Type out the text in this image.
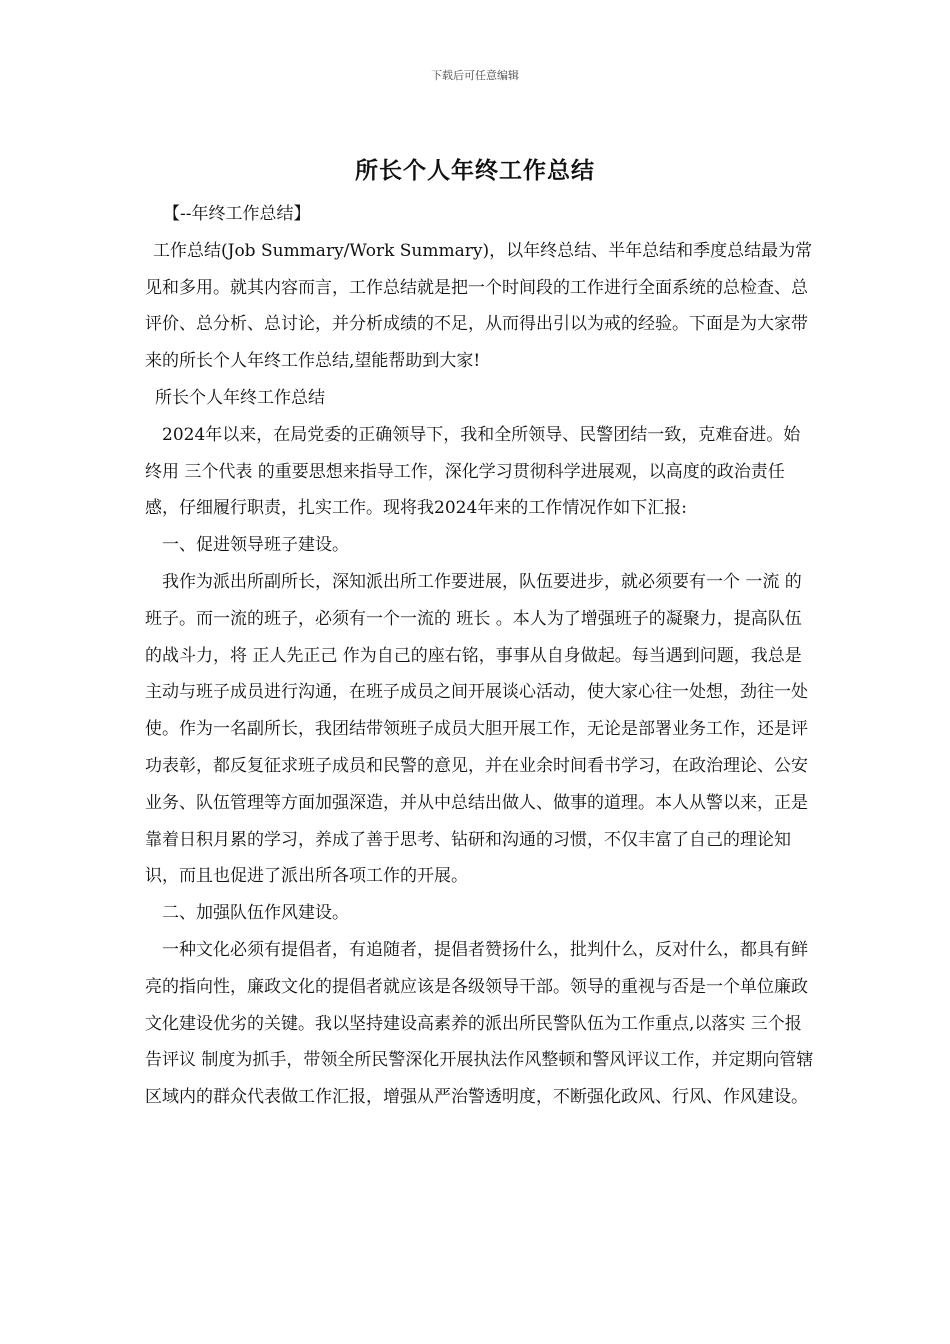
下载后可任意编辑
所长个人年终工作总结

【--年终工作总结】

工作总结(Job Summary/Work Summary)，以年终总结、半年总结和季度总结最为常见和多用。就其内容而言，工作总结就是把一个时间段的工作进行全面系统的总检查、总评价、总分析、总讨论，并分析成绩的不足，从而得出引以为戒的经验。下面是为大家带来的所长个人年终工作总结,望能帮助到大家!

所长个人年终工作总结

2024年以来，在局党委的正确领导下，我和全所领导、民警团结一致，克难奋进。始终用 三个代表 的重要思想来指导工作，深化学习贯彻科学进展观，以高度的政治责任感，仔细履行职责，扎实工作。现将我2024年来的工作情况作如下汇报:

一、促进领导班子建设。

我作为派出所副所长，深知派出所工作要进展，队伍要进步，就必须要有一个 一流 的班子。而一流的班子，必须有一个一流的 班长 。本人为了增强班子的凝聚力，提高队伍的战斗力，将 正人先正己 作为自己的座右铭，事事从自身做起。每当遇到问题，我总是主动与班子成员进行沟通，在班子成员之间开展谈心活动，使大家心往一处想，劲往一处使。作为一名副所长，我团结带领班子成员大胆开展工作，无论是部署业务工作，还是评功表彰，都反复征求班子成员和民警的意见，并在业余时间看书学习，在政治理论、公安业务、队伍管理等方面加强深造，并从中总结出做人、做事的道理。本人从警以来，正是靠着日积月累的学习，养成了善于思考、钻研和沟通的习惯，不仅丰富了自己的理论知识，而且也促进了派出所各项工作的开展。

二、加强队伍作风建设。

一种文化必须有提倡者，有追随者，提倡者赞扬什么，批判什么，反对什么，都具有鲜亮的指向性，廉政文化的提倡者就应该是各级领导干部。领导的重视与否是一个单位廉政文化建设优劣的关键。我以坚持建设高素养的派出所民警队伍为工作重点,以落实 三个报告评议 制度为抓手，带领全所民警深化开展执法作风整顿和警风评议工作，并定期向管辖区域内的群众代表做工作汇报，增强从严治警透明度，不断强化政风、行风、作风建设。
